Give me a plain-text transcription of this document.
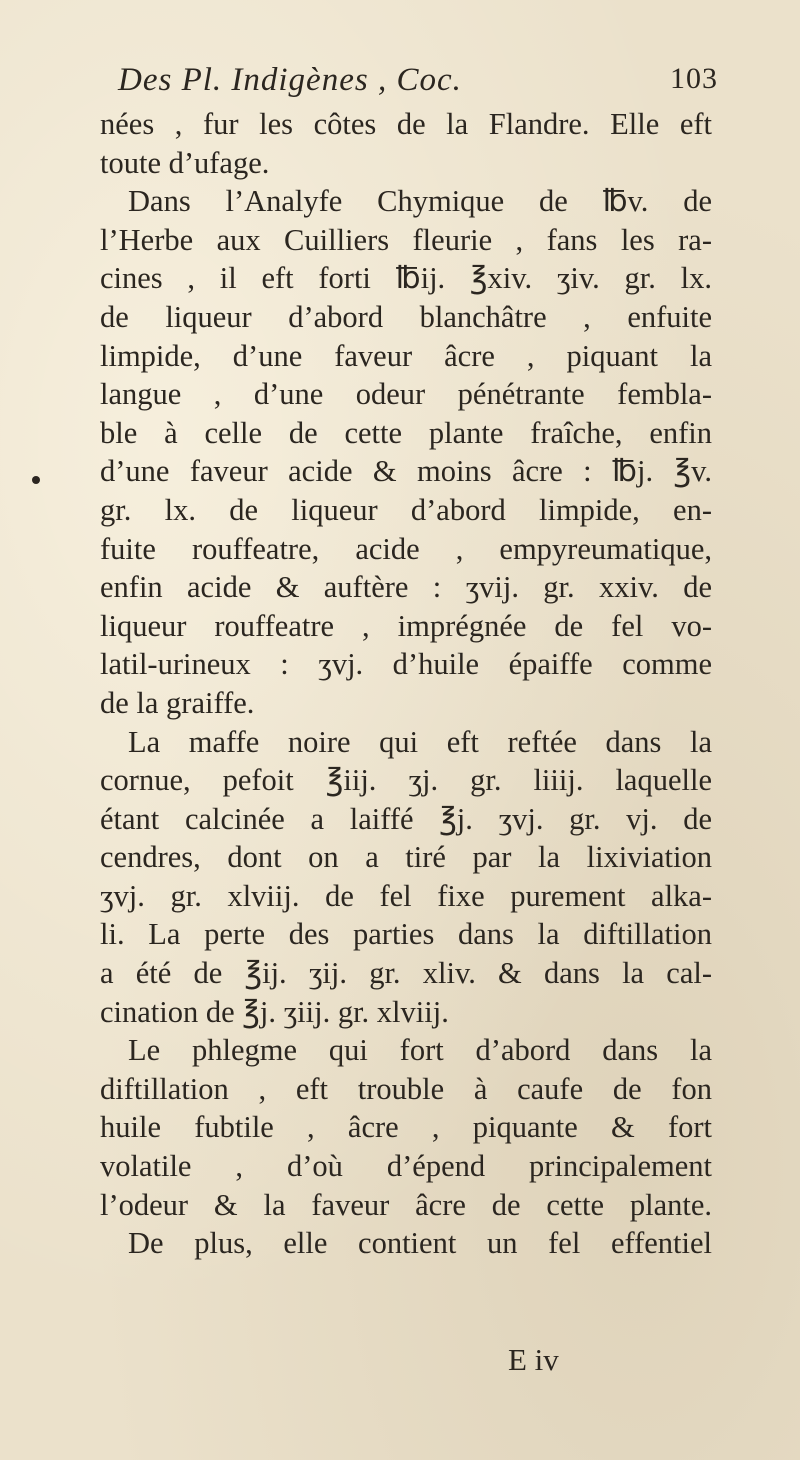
Des Pl. Indigènes , Coc.	103
nées , fur les côtes de la Flandre. Elle eft
toute d’ufage.
Dans l’Analyfe Chymique de ℔v. de
l’Herbe aux Cuilliers fleurie , fans les ra-
cines , il eft forti ℔ij. ℥xiv. ʒiv. gr. lx.
de liqueur d’abord blanchâtre , enfuite
limpide, d’une faveur âcre , piquant la
langue , d’une odeur pénétrante fembla-
ble à celle de cette plante fraîche, enfin
d’une faveur acide & moins âcre : ℔j. ℥v.
gr. lx. de liqueur d’abord limpide, en-
fuite rouffeatre, acide , empyreumatique,
enfin acide & auftère : ʒvij. gr. xxiv. de
liqueur rouffeatre , imprégnée de fel vo-
latil-urineux : ʒvj. d’huile épaiffe comme
de la graiffe.
La maffe noire qui eft reftée dans la
cornue, pefoit ℥iij. ʒj. gr. liiij. laquelle
étant calcinée a laiffé ℥j. ʒvj. gr. vj. de
cendres, dont on a tiré par la lixiviation
ʒvj. gr. xlviij. de fel fixe purement alka-
li. La perte des parties dans la diftillation
a été de ℥ij. ʒij. gr. xliv. & dans la cal-
cination de ℥j. ʒiij. gr. xlviij.
Le phlegme qui fort d’abord dans la
diftillation , eft trouble à caufe de fon
huile fubtile , âcre , piquante & fort
volatile , d’où d’épend principalement
l’odeur & la faveur âcre de cette plante.
De plus, elle contient un fel effentiel
E iv
